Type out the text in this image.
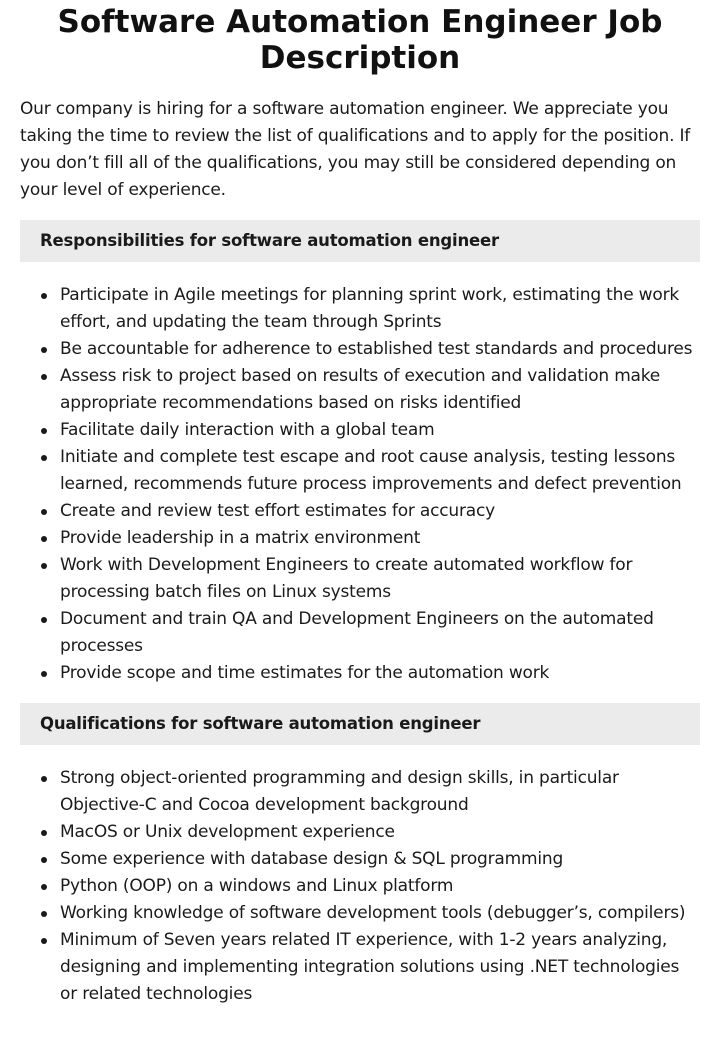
Software Automation Engineer Job Description

Our company is hiring for a software automation engineer. We appreciate you taking the time to review the list of qualifications and to apply for the position. If you don’t fill all of the qualifications, you may still be considered depending on your level of experience.

Responsibilities for software automation engineer
Participate in Agile meetings for planning sprint work, estimating the work effort, and updating the team through Sprints
Be accountable for adherence to established test standards and procedures
Assess risk to project based on results of execution and validation make appropriate recommendations based on risks identified
Facilitate daily interaction with a global team
Initiate and complete test escape and root cause analysis, testing lessons learned, recommends future process improvements and defect prevention
Create and review test effort estimates for accuracy
Provide leadership in a matrix environment
Work with Development Engineers to create automated workflow for processing batch files on Linux systems
Document and train QA and Development Engineers on the automated processes
Provide scope and time estimates for the automation work
Qualifications for software automation engineer
Strong object-oriented programming and design skills, in particular Objective-C and Cocoa development background
MacOS or Unix development experience
Some experience with database design & SQL programming
Python (OOP) on a windows and Linux platform
Working knowledge of software development tools (debugger’s, compilers)
Minimum of Seven years related IT experience, with 1-2 years analyzing, designing and implementing integration solutions using .NET technologies or related technologies
